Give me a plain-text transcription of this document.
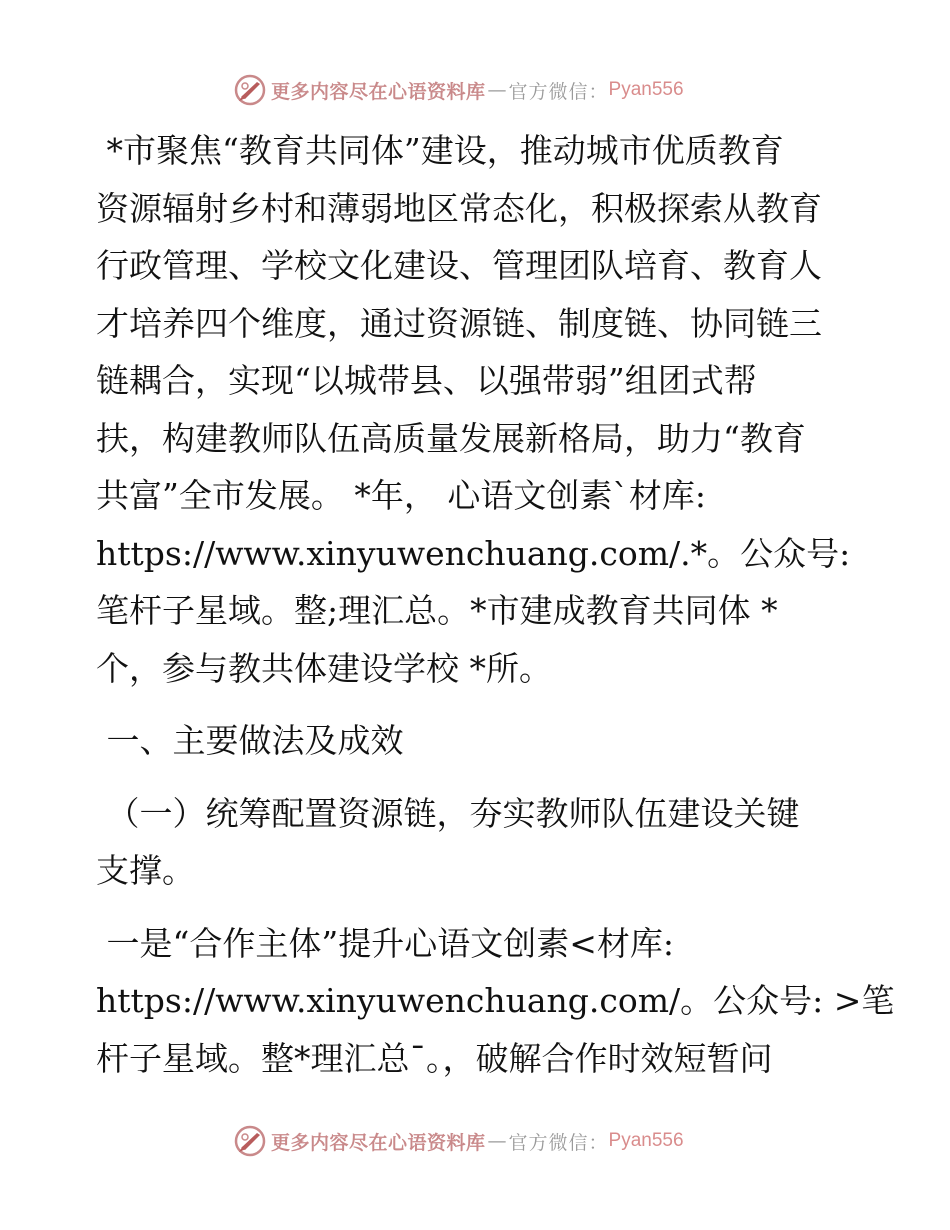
更多内容尽在心语资料库 — 官方微信： Pyan556
*市聚焦“教育共同体”建设，推动城市优质教育
资源辐射乡村和薄弱地区常态化，积极探索从教育
行政管理、学校文化建设、管理团队培育、教育人
才培养四个维度，通过资源链、制度链、协同链三
链耦合，实现“以城带县、以强带弱”组团式帮
扶，构建教师队伍高质量发展新格局，助力“教育
共富”全市发展。 *年， 心语文创素`材库:
https://www.xinyuwenchuang.com/.*。公众号:
笔杆子星域。整;理汇总。*市建成教育共同体 *
个，参与教共体建设学校 *所。
一、主要做法及成效
（一）统筹配置资源链，夯实教师队伍建设关键
支撑。
一是“合作主体”提升心语文创素<材库:
https://www.xinyuwenchuang.com/。公众号: >笔
杆子星域。整*理汇总¯。，破解合作时效短暂问
更多内容尽在心语资料库 — 官方微信： Pyan556
